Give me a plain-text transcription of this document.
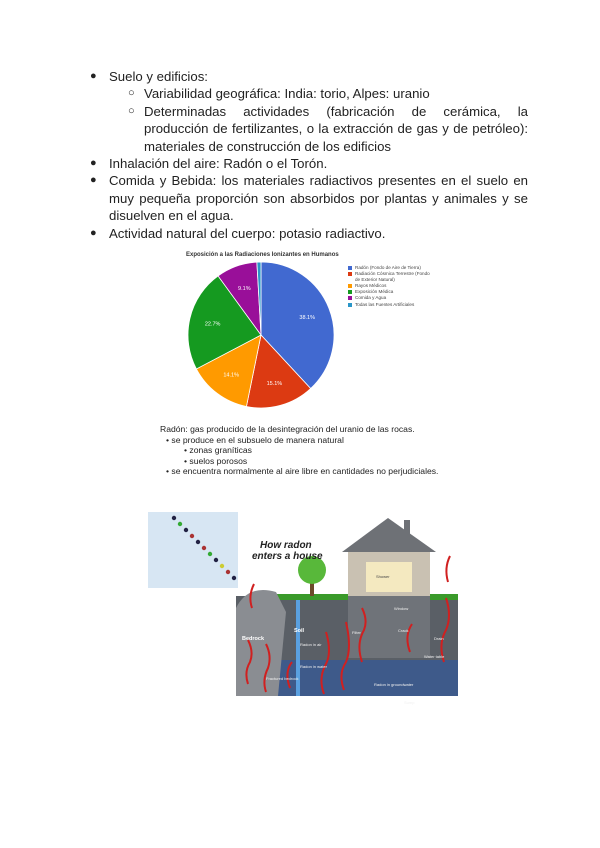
● Suelo y edificios:
○ Variabilidad geográfica: India: torio, Alpes: uranio
○ Determinadas actividades (fabricación de cerámica, la producción de fertilizantes, o la extracción de gas y de petróleo): materiales de construcción de los edificios
● Inhalación del aire: Radón o el Torón.
● Comida y Bebida: los materiales radiactivos presentes en el suelo en muy pequeña proporción son absorbidos por plantas y animales y se disuelven en el agua.
● Actividad natural del cuerpo: potasio radiactivo.
Exposición a las Radiaciones Ionizantes en Humanos
38.1%
15.1%
14.1%
22.7%
9.1%
Radón (Fondo de Aire de Tierra)
Radiación Cósmica Terrestre (Fondo de Exterior Natural)
Rayos Médicos
Exposición Médica
Comida y Agua
Todas las Fuentes Artificiales
Radón: gas producido de la desintegración del uranio de las rocas.
• se produce en el subsuelo de manera natural
• zonas graníticas
• suelos porosos
• se encuentra normalmente al aire libre en cantidades no perjudiciales.
How radon
enters a house
Bedrock
Soil
Radon in air
Radon in water
Fractured bedrock
Radon in groundwater
Water table
Shower
Window
Crack
Drain
Filter
Sump
